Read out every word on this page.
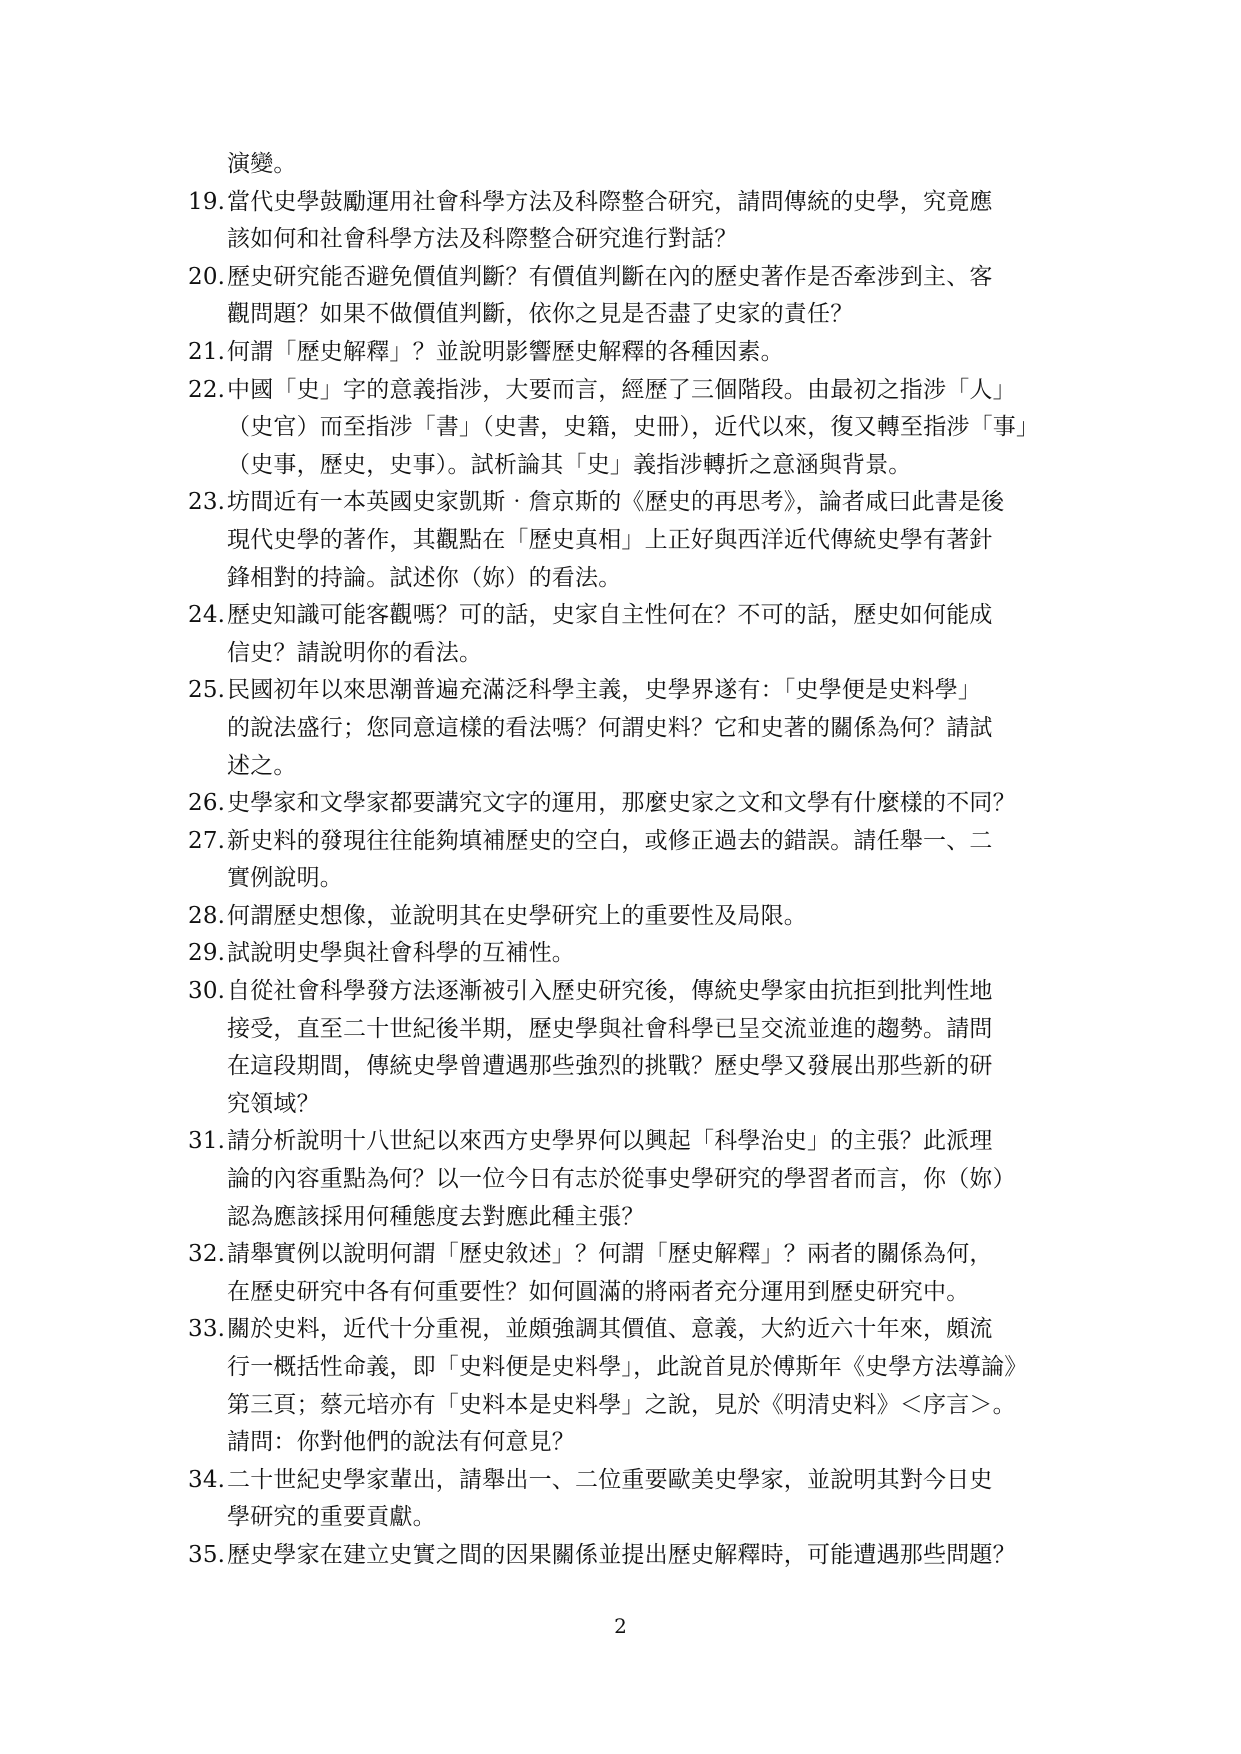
演變。
19. 當代史學鼓勵運用社會科學方法及科際整合研究，請問傳統的史學，究竟應
該如何和社會科學方法及科際整合研究進行對話？
20. 歷史研究能否避免價值判斷？有價值判斷在內的歷史著作是否牽涉到主、客
觀問題？如果不做價值判斷，依你之見是否盡了史家的責任？
21. 何謂「歷史解釋」？並說明影響歷史解釋的各種因素。
22. 中國「史」字的意義指涉，大要而言，經歷了三個階段。由最初之指涉「人」
（史官）而至指涉「書」（史書，史籍，史冊），近代以來，復又轉至指涉「事」
（史事，歷史，史事）。試析論其「史」義指涉轉折之意涵與背景。
23. 坊間近有一本英國史家凱斯‧詹京斯的《歷史的再思考》，論者咸曰此書是後
現代史學的著作，其觀點在「歷史真相」上正好與西洋近代傳統史學有著針
鋒相對的持論。試述你（妳）的看法。
24. 歷史知識可能客觀嗎？可的話，史家自主性何在？不可的話，歷史如何能成
信史？請說明你的看法。
25. 民國初年以來思潮普遍充滿泛科學主義，史學界遂有：「史學便是史料學」
的說法盛行；您同意這樣的看法嗎？何謂史料？它和史著的關係為何？請試
述之。
26. 史學家和文學家都要講究文字的運用，那麼史家之文和文學有什麼樣的不同？
27. 新史料的發現往往能夠填補歷史的空白，或修正過去的錯誤。請任舉一、二
實例說明。
28. 何謂歷史想像，並說明其在史學研究上的重要性及局限。
29. 試說明史學與社會科學的互補性。
30. 自從社會科學發方法逐漸被引入歷史研究後，傳統史學家由抗拒到批判性地
接受，直至二十世紀後半期，歷史學與社會科學已呈交流並進的趨勢。請問
在這段期間，傳統史學曾遭遇那些強烈的挑戰？歷史學又發展出那些新的研
究領域？
31. 請分析說明十八世紀以來西方史學界何以興起「科學治史」的主張？此派理
論的內容重點為何？以一位今日有志於從事史學研究的學習者而言，你（妳）
認為應該採用何種態度去對應此種主張？
32. 請舉實例以說明何謂「歷史敘述」？何謂「歷史解釋」？兩者的關係為何，
在歷史研究中各有何重要性？如何圓滿的將兩者充分運用到歷史研究中。
33. 關於史料，近代十分重視，並頗強調其價值、意義，大約近六十年來，頗流
行一概括性命義，即「史料便是史料學」，此說首見於傅斯年《史學方法導論》
第三頁；蔡元培亦有「史料本是史料學」之說，見於《明清史料》＜序言＞。
請問：你對他們的說法有何意見？
34. 二十世紀史學家輩出，請舉出一、二位重要歐美史學家，並說明其對今日史
學研究的重要貢獻。
35. 歷史學家在建立史實之間的因果關係並提出歷史解釋時，可能遭遇那些問題？
2
